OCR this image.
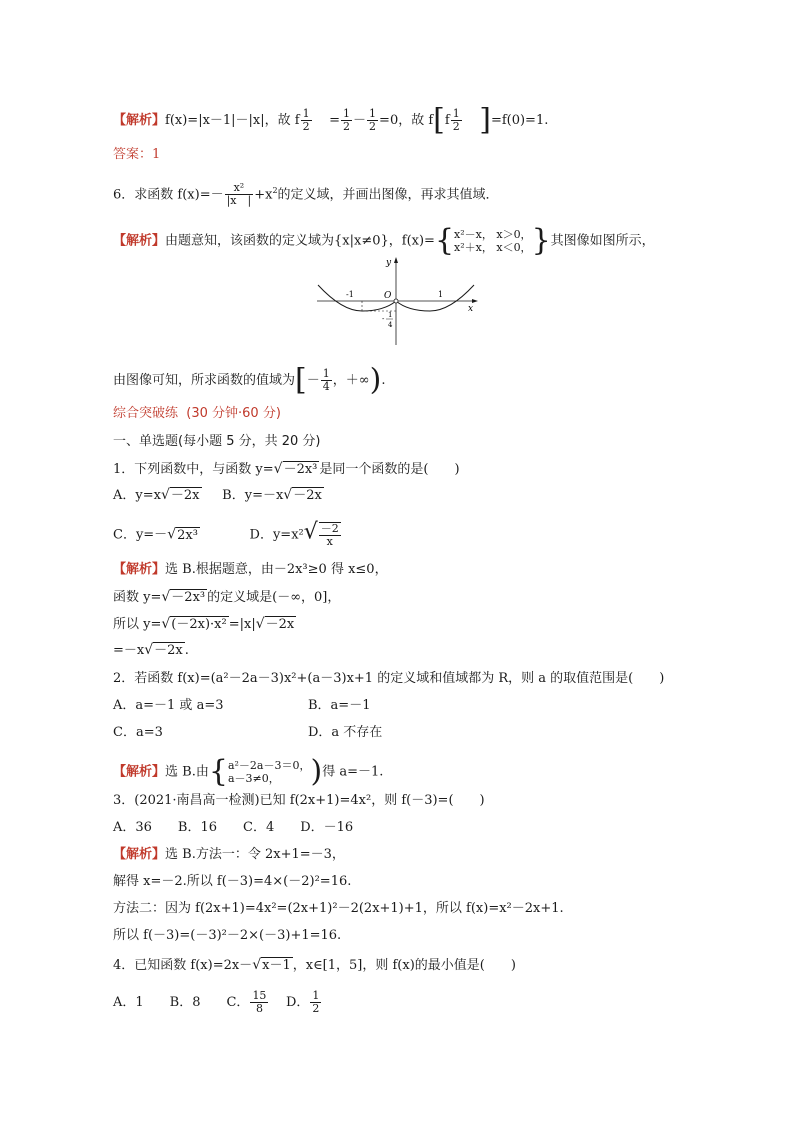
【解析】f(x)=|x－1|－|x|，故 f $\frac{1}{2} = \frac{1}{2} - \frac{1}{2} =0$，故 $f[f \frac{1}{2} ]=f(0)=1$.
答案：1
6．求函数 $f(x)=- \frac{\text{x²}}{|x |} +x^2$的定义域，并画出图像，再求其值域．
【解析】由题意知，该函数的定义域为{x|x≠0}，f(x)={ x²－x， x＞0，
x²＋x， x＜0， }其图像如图所示，
y
x
O
-1	1
1
4
-
由图像可知，所求函数的值域为[－ $\frac{1}{4}$ ，＋∞).
综合突破练 (30 分钟·60 分)
一、单选题(每小题 5 分，共 20 分)
1．下列函数中，与函数 y=√－2x³ 是同一个函数的是(　　)
A．y=x√－2x B．y=－x√－2x
C．y=－√2x³	D．$y=x^2√ \frac{-2}{x}$
【解析】选 B.根据题意，由－2x³≥0 得 x≤0，
函数 y=√－2x³ 的定义域是(－∞，0]，
所以 y=√(－2x)·x² =|x|√－2x
=－x√－2x .
2．若函数 f(x)=(a²－2a－3)x²+(a－3)x+1 的定义域和值域都为 R，则 a 的取值范围是(　　)
A．a=－1 或 a=3	B．a=－1
C．a=3	D．a 不存在
【解析】选 B.由{ a²－2a－3＝0，
a－3≠0，	)得 a=－1.
3．(2021·南昌高一检测)已知 f(2x+1)=4x²，则 f(－3)=(　　)
A．36　　B．16　　C．4　　D．－16
【解析】选 B.方法一：令 2x+1=－3，
解得 x=－2.所以 f(－3)=4×(－2)²=16.
方法二：因为 f(2x+1)=4x²=(2x+1)²－2(2x+1)+1，所以 f(x)=x²－2x+1.
所以 f(－3)=(－3)²－2×(－3)+1=16.
4．已知函数 f(x)=2x－√x－1 ，x∈[1，5]，则 f(x)的最小值是(　　)
A．1　　B．8　　C． $\frac{15}{8}$ D． $\frac{1}{2}$
